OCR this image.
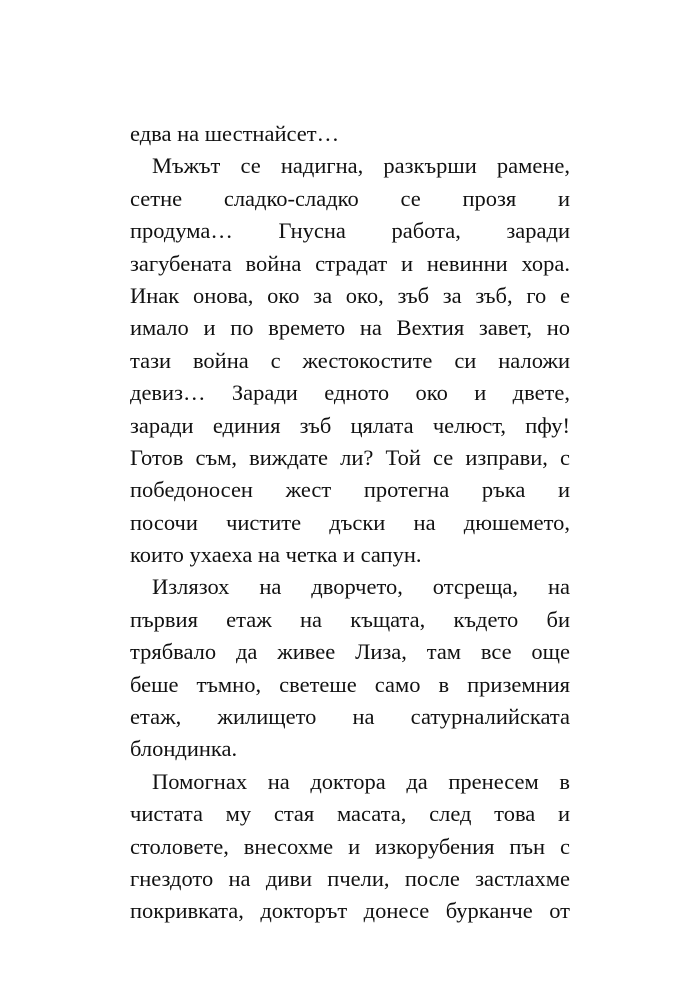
едва на шестнайсет…
Мъжът се надигна, разкърши рамене,
сетне сладко-сладко се прозя и
продума… Гнусна работа, заради
загубената война страдат и невинни хора.
Инак онова, око за око, зъб за зъб, го е
имало и по времето на Вехтия завет, но
тази война с жестокостите си наложи
девиз… Заради едното око и двете,
заради единия зъб цялата челюст, пфу!
Готов съм, виждате ли? Той се изправи, с
победоносен жест протегна ръка и
посочи чистите дъски на дюшемето,
които ухаеха на четка и сапун.
Излязох на дворчето, отсреща, на
първия етаж на къщата, където би
трябвало да живее Лиза, там все още
беше тъмно, светеше само в приземния
етаж, жилището на сатурналийската
блондинка.
Помогнах на доктора да пренесем в
чистата му стая масата, след това и
столовете, внесохме и изкорубения пън с
гнездото на диви пчели, после застлахме
покривката, докторът донесе бурканче от
